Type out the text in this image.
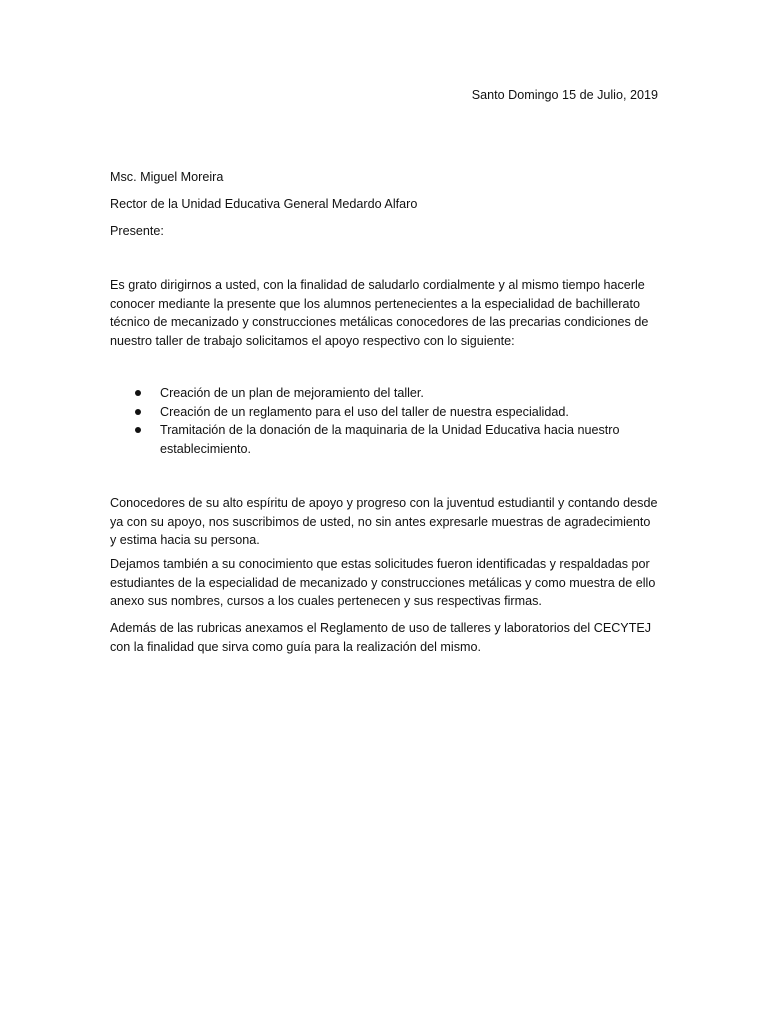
Santo Domingo 15 de Julio, 2019
Msc. Miguel Moreira
Rector de la Unidad Educativa General Medardo Alfaro
Presente:
Es grato dirigirnos a usted, con la finalidad de saludarlo cordialmente y al mismo tiempo hacerle conocer mediante la presente que los alumnos pertenecientes a la especialidad de bachillerato técnico de mecanizado y construcciones metálicas conocedores de las precarias condiciones de nuestro taller de trabajo solicitamos el apoyo respectivo con lo siguiente:
Creación de un plan de mejoramiento del taller.
Creación de un reglamento para el uso del taller de nuestra especialidad.
Tramitación de la donación de la maquinaria de la Unidad Educativa hacia nuestro establecimiento.
Conocedores de su alto espíritu de apoyo y progreso con la juventud estudiantil y contando desde ya con su apoyo, nos suscribimos de usted, no sin antes expresarle muestras de agradecimiento y estima hacia su persona.
Dejamos también a su conocimiento que estas solicitudes fueron identificadas y respaldadas por estudiantes de la especialidad de mecanizado y construcciones metálicas y como muestra de ello anexo sus nombres, cursos a los cuales pertenecen y sus respectivas firmas.
Además de las rubricas anexamos el Reglamento de uso de talleres y laboratorios del CECYTEJ con la finalidad que sirva como guía para la realización del mismo.
